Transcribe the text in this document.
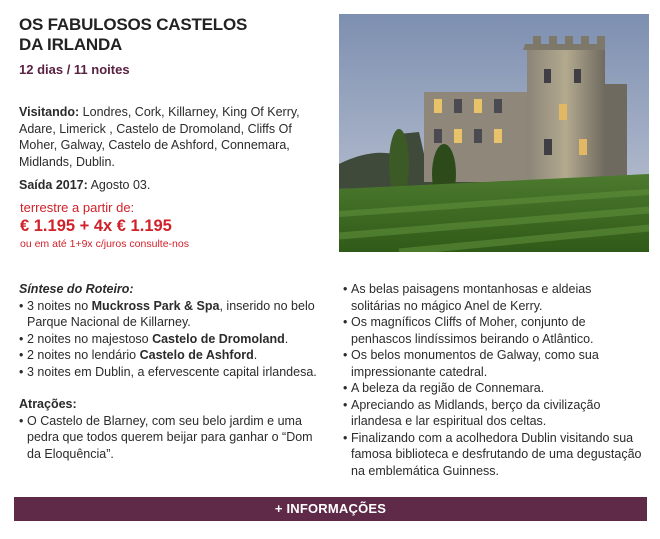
OS FABULOSOS CASTELOS
DA IRLANDA
12 dias / 11 noites
Visitando: Londres, Cork, Killarney, King Of Kerry, Adare, Limerick , Castelo de Dromoland, Cliffs Of Moher, Galway, Castelo de Ashford, Connemara, Midlands, Dublin.
Saída 2017: Agosto 03.
terrestre a partir de:
€ 1.195 + 4x € 1.195
ou em até 1+9x c/juros consulte-nos
Síntese do Roteiro:
• 3 noites no Muckross Park & Spa, inserido no belo Parque Nacional de Killarney.
• 2 noites no majestoso Castelo de Dromoland.
• 2 noites no lendário Castelo de Ashford.
• 3 noites em Dublin, a efervescente capital irlandesa.
Atrações:
• O Castelo de Blarney, com seu belo jardim e uma pedra que todos querem beijar para ganhar o “Dom da Eloquência”.
• As belas paisagens montanhosas e aldeias solitárias no mágico Anel de Kerry.
• Os magníficos Cliffs of Moher, conjunto de penhascos lindíssimos beirando o Atlântico.
• Os belos monumentos de Galway, como sua impressionante catedral.
• A beleza da região de Connemara.
• Apreciando as Midlands, berço da civilização irlandesa e lar espiritual dos celtas.
• Finalizando com a acolhedora Dublin visitando sua famosa biblioteca e desfrutando de uma degustação na emblemática Guinness.
+ INFORMAÇÕES
